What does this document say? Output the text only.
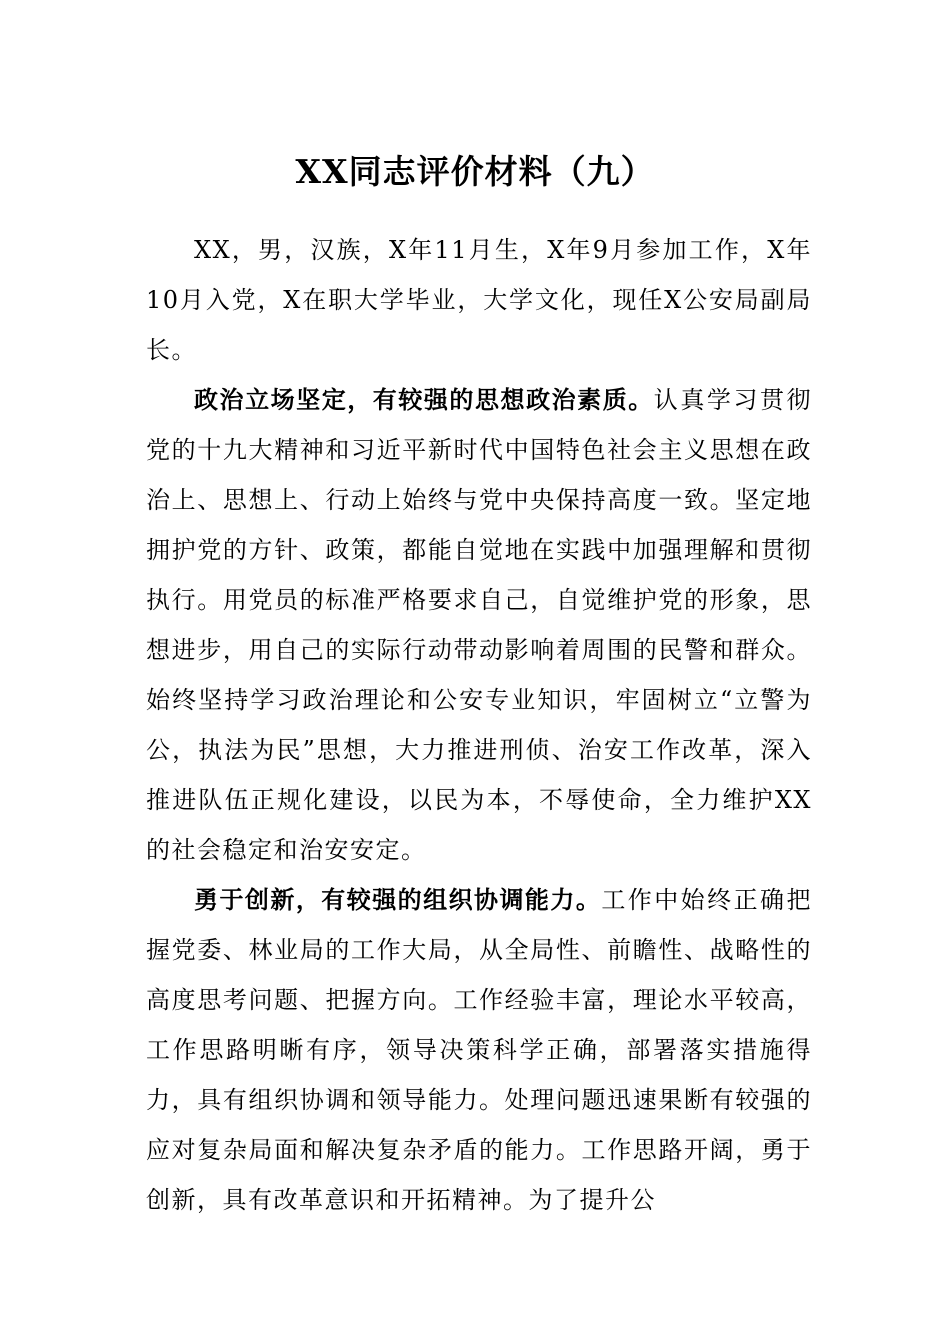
XX同志评价材料（九）

XX，男，汉族，X年11月生，X年9月参加工作，X年10月入党，X在职大学毕业，大学文化，现任X公安局副局长。

政治立场坚定，有较强的思想政治素质。认真学习贯彻党的十九大精神和习近平新时代中国特色社会主义思想在政治上、思想上、行动上始终与党中央保持高度一致。坚定地拥护党的方针、政策，都能自觉地在实践中加强理解和贯彻执行。用党员的标准严格要求自己，自觉维护党的形象，思想进步，用自己的实际行动带动影响着周围的民警和群众。始终坚持学习政治理论和公安专业知识，牢固树立“立警为公，执法为民”思想，大力推进刑侦、治安工作改革，深入推进队伍正规化建设，以民为本，不辱使命，全力维护XX的社会稳定和治安安定。

勇于创新，有较强的组织协调能力。工作中始终正确把握党委、林业局的工作大局，从全局性、前瞻性、战略性的高度思考问题、把握方向。工作经验丰富，理论水平较高，工作思路明晰有序，领导决策科学正确，部署落实措施得力，具有组织协调和领导能力。处理问题迅速果断有较强的应对复杂局面和解决复杂矛盾的能力。工作思路开阔，勇于创新，具有改革意识和开拓精神。为了提升公
